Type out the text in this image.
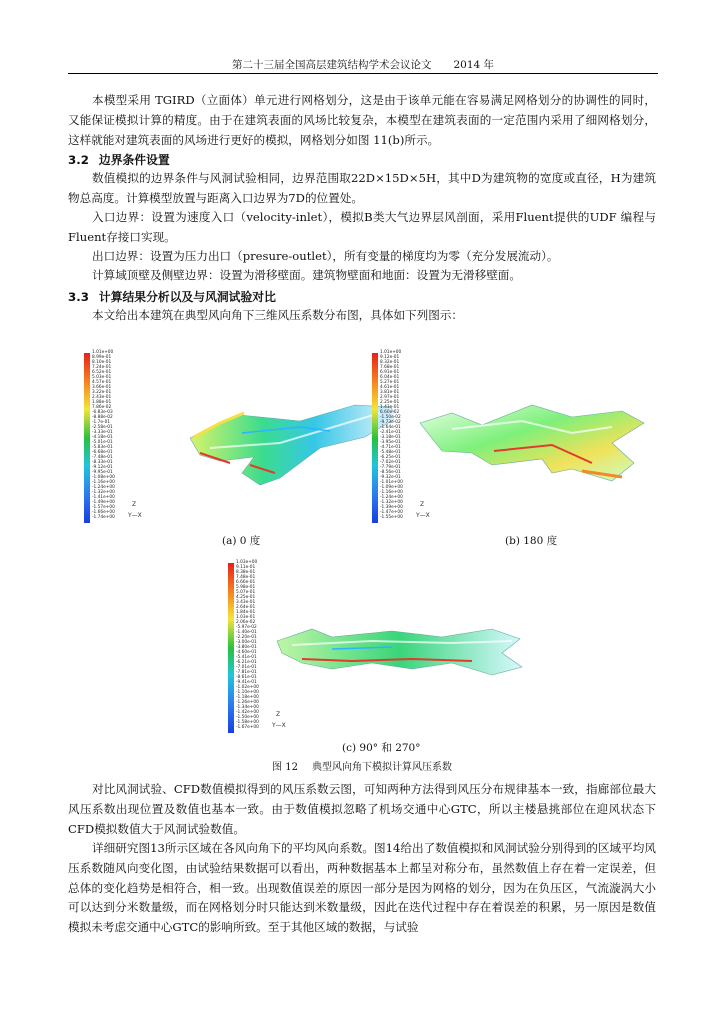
第二十三届全国高层建筑结构学术会议论文 2014 年

本模型采用 TGIRD（立面体）单元进行网格划分，这是由于该单元能在容易满足网格划分的协调性的同时，又能保证模拟计算的精度。由于在建筑表面的风场比较复杂，本模型在建筑表面的一定范围内采用了细网格划分，这样就能对建筑表面的风场进行更好的模拟，网格划分如图 11(b)所示。

3.2 边界条件设置

数值模拟的边界条件与风洞试验相同，边界范围取22D×15D×5H，其中D为建筑物的宽度或直径，H为建筑物总高度。计算模型放置与距离入口边界为7D的位置处。

入口边界：设置为速度入口（velocity-inlet），模拟B类大气边界层风剖面，采用Fluent提供的UDF 编程与Fluent存接口实现。

出口边界：设置为压力出口（presure-outlet），所有变量的梯度均为零（充分发展流动）。

计算域顶壁及侧壁边界：设置为滑移壁面。建筑物壁面和地面：设置为无滑移壁面。

3.3 计算结果分析以及与风洞试验对比

本文给出本建筑在典型风向角下三维风压系数分布图，具体如下列图示：

1.01e+00
8.99e-01
8.10e-01
7.24e-01
6.52e-01
5.03e-01
4.57e-01
3.66e-01
3.22e-01
2.43e-01
1.88e-01
7.86e-02
-6.83e-03
-8.88e-02
-1.7e-01
-2.58e-01
-3.33e-01
-4.18e-01
-5.01e-01
-5.83e-01
-6.68e-01
-7.48e-01
-8.33e-01
-9.12e-01
-9.95e-01
-1.08e+00
-1.16e+00
-1.24e+00
-1.32e+00
-1.41e+00
-1.49e+00
-1.57e+00
-1.66e+00
-1.74e+00
Z
Y—X
(a) 0 度
1.01e+00
9.12e-01
8.32e-01
7.68e-01
6.91e-01
6.04e-01
5.27e-01
4.61e-01
3.81e-01
2.97e-01
2.25e-01
1.43e-01
6.60e-02
-1.50e-02
-9.73e-02
-1.64e-01
-2.41e-01
-3.18e-01
-3.95e-01
-4.71e-01
-5.48e-01
-6.25e-01
-7.02e-01
-7.79e-01
-8.56e-01
-9.32e-01
-1.01e+00
-1.09e+00
-1.16e+00
-1.24e+00
-1.32e+00
-1.39e+00
-1.47e+00
-1.55e+00
Z
Y—X
(b) 180 度
1.03e+00
9.11e-01
8.38e-01
7.48e-01
6.66e-01
5.98e-01
5.07e-01
4.25e-01
3.43e-01
2.64e-01
1.84e-01
1.03e-01
2.06e-02
-5.97e-02
-1.40e-01
-2.20e-01
-3.00e-01
-3.80e-01
-4.60e-01
-5.41e-01
-6.21e-01
-7.01e-01
-7.81e-01
-8.61e-01
-9.41e-01
-1.02e+00
-1.10e+00
-1.18e+00
-1.26e+00
-1.34e+00
-1.42e+00
-1.50e+00
-1.58e+00
-1.67e+00
Z
Y—X
(c) 90° 和 270°
图 12 典型风向角下模拟计算风压系数

对比风洞试验、CFD数值模拟得到的风压系数云图，可知两种方法得到风压分布规律基本一致，指廊部位最大风压系数出现位置及数值也基本一致。由于数值模拟忽略了机场交通中心GTC，所以主楼悬挑部位在迎风状态下CFD模拟数值大于风洞试验数值。

详细研究图13所示区域在各风向角下的平均风向系数。图14给出了数值模拟和风洞试验分别得到的区域平均风压系数随风向变化图，由试验结果数据可以看出，两种数据基本上都呈对称分布，虽然数值上存在着一定误差，但总体的变化趋势是相符合，相一致。出现数值误差的原因一部分是因为网格的划分，因为在负压区，气流漩涡大小可以达到分米数量级，而在网格划分时只能达到米数量级，因此在迭代过程中存在着误差的积累，另一原因是数值模拟未考虑交通中心GTC的影响所致。至于其他区域的数据，与试验
